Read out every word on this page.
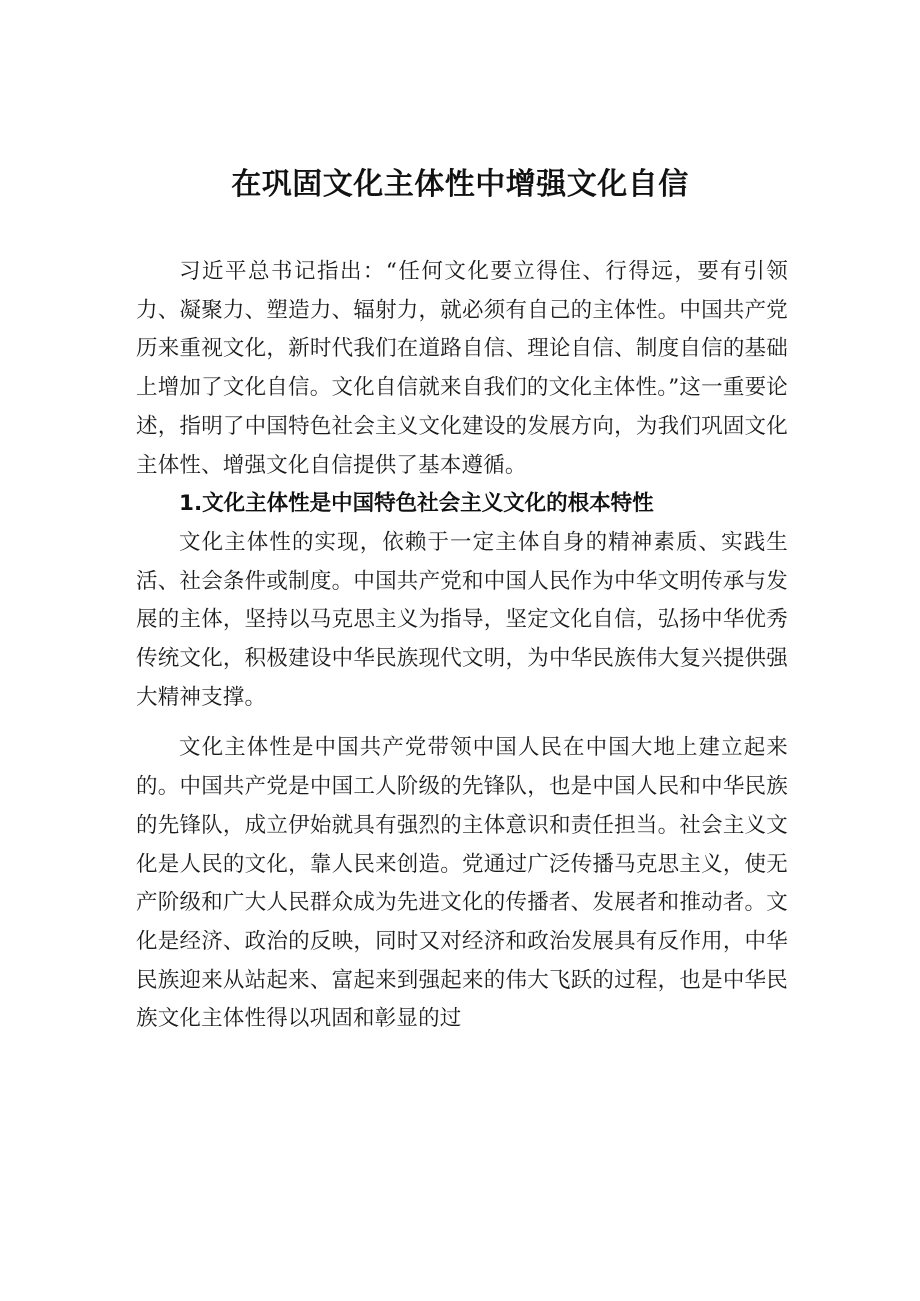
在巩固文化主体性中增强文化自信

习近平总书记指出：“任何文化要立得住、行得远，要有引领力、凝聚力、塑造力、辐射力，就必须有自己的主体性。中国共产党历来重视文化，新时代我们在道路自信、理论自信、制度自信的基础上增加了文化自信。文化自信就来自我们的文化主体性。”这一重要论述，指明了中国特色社会主义文化建设的发展方向，为我们巩固文化主体性、增强文化自信提供了基本遵循。

1.文化主体性是中国特色社会主义文化的根本特性

文化主体性的实现，依赖于一定主体自身的精神素质、实践生活、社会条件或制度。中国共产党和中国人民作为中华文明传承与发展的主体，坚持以马克思主义为指导，坚定文化自信，弘扬中华优秀传统文化，积极建设中华民族现代文明，为中华民族伟大复兴提供强大精神支撑。

文化主体性是中国共产党带领中国人民在中国大地上建立起来的。中国共产党是中国工人阶级的先锋队，也是中国人民和中华民族的先锋队，成立伊始就具有强烈的主体意识和责任担当。社会主义文化是人民的文化，靠人民来创造。党通过广泛传播马克思主义，使无产阶级和广大人民群众成为先进文化的传播者、发展者和推动者。文化是经济、政治的反映，同时又对经济和政治发展具有反作用，中华民族迎来从站起来、富起来到强起来的伟大飞跃的过程，也是中华民族文化主体性得以巩固和彰显的过
